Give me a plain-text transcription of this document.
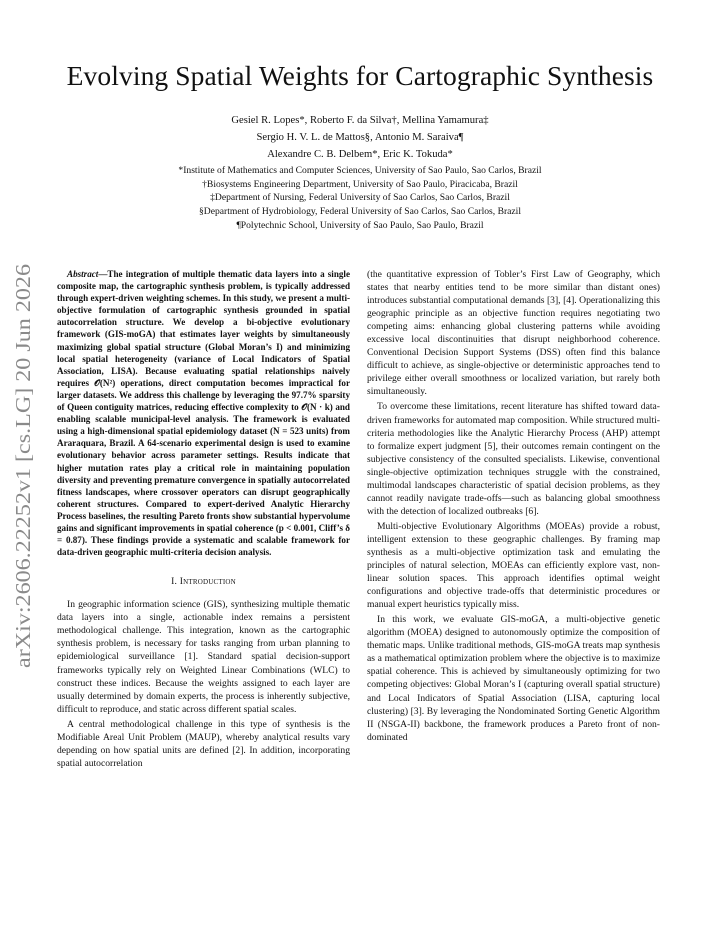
Evolving Spatial Weights for Cartographic Synthesis
Gesiel R. Lopes*, Roberto F. da Silva†, Mellina Yamamura‡
Sergio H. V. L. de Mattos§, Antonio M. Saraiva¶
Alexandre C. B. Delbem*, Eric K. Tokuda*
*Institute of Mathematics and Computer Sciences, University of Sao Paulo, Sao Carlos, Brazil
†Biosystems Engineering Department, University of Sao Paulo, Piracicaba, Brazil
‡Department of Nursing, Federal University of Sao Carlos, Sao Carlos, Brazil
§Department of Hydrobiology, Federal University of Sao Carlos, Sao Carlos, Brazil
¶Polytechnic School, University of Sao Paulo, Sao Paulo, Brazil
arXiv:2606.22252v1 [cs.LG] 20 Jun 2026

Abstract—The integration of multiple thematic data layers into a single composite map, the cartographic synthesis problem, is typically addressed through expert-driven weighting schemes. In this study, we present a multi-objective formulation of cartographic synthesis grounded in spatial autocorrelation structure. We develop a bi-objective evolutionary framework (GIS-moGA) that estimates layer weights by simultaneously maximizing global spatial structure (Global Moran’s I) and minimizing local spatial heterogeneity (variance of Local Indicators of Spatial Association, LISA). Because evaluating spatial relationships naively requires 𝒪(N²) operations, direct computation becomes impractical for larger datasets. We address this challenge by leveraging the 97.7% sparsity of Queen contiguity matrices, reducing effective complexity to 𝒪(N · k) and enabling scalable municipal-level analysis. The framework is evaluated using a high-dimensional spatial epidemiology dataset (N = 523 units) from Araraquara, Brazil. A 64-scenario experimental design is used to examine evolutionary behavior across parameter settings. Results indicate that higher mutation rates play a critical role in maintaining population diversity and preventing premature convergence in spatially autocorrelated fitness landscapes, where crossover operators can disrupt geographically coherent structures. Compared to expert-derived Analytic Hierarchy Process baselines, the resulting Pareto fronts show substantial hypervolume gains and significant improvements in spatial coherence (p < 0.001, Cliff’s δ = 0.87). These findings provide a systematic and scalable framework for data-driven geographic multi-criteria decision analysis.

I. Introduction

In geographic information science (GIS), synthesizing multiple thematic data layers into a single, actionable index remains a persistent methodological challenge. This integration, known as the cartographic synthesis problem, is necessary for tasks ranging from urban planning to epidemiological surveillance [1]. Standard spatial decision-support frameworks typically rely on Weighted Linear Combinations (WLC) to construct these indices. Because the weights assigned to each layer are usually determined by domain experts, the process is inherently subjective, difficult to reproduce, and static across different spatial scales.

A central methodological challenge in this type of synthesis is the Modifiable Areal Unit Problem (MAUP), whereby analytical results vary depending on how spatial units are defined [2]. In addition, incorporating spatial autocorrelation

(the quantitative expression of Tobler’s First Law of Geography, which states that nearby entities tend to be more similar than distant ones) introduces substantial computational demands [3], [4]. Operationalizing this geographic principle as an objective function requires negotiating two competing aims: enhancing global clustering patterns while avoiding excessive local discontinuities that disrupt neighborhood coherence. Conventional Decision Support Systems (DSS) often find this balance difficult to achieve, as single-objective or deterministic approaches tend to privilege either overall smoothness or localized variation, but rarely both simultaneously.

To overcome these limitations, recent literature has shifted toward data-driven frameworks for automated map composition. While structured multi-criteria methodologies like the Analytic Hierarchy Process (AHP) attempt to formalize expert judgment [5], their outcomes remain contingent on the subjective consistency of the consulted specialists. Likewise, conventional single-objective optimization techniques struggle with the constrained, multimodal landscapes characteristic of spatial decision problems, as they cannot readily navigate trade-offs—such as balancing global smoothness with the detection of localized outbreaks [6].

Multi-objective Evolutionary Algorithms (MOEAs) provide a robust, intelligent extension to these geographic challenges. By framing map synthesis as a multi-objective optimization task and emulating the principles of natural selection, MOEAs can efficiently explore vast, non-linear solution spaces. This approach identifies optimal weight configurations and objective trade-offs that deterministic procedures or manual expert heuristics typically miss.

In this work, we evaluate GIS-moGA, a multi-objective genetic algorithm (MOEA) designed to autonomously optimize the composition of thematic maps. Unlike traditional methods, GIS-moGA treats map synthesis as a mathematical optimization problem where the objective is to maximize spatial coherence. This is achieved by simultaneously optimizing for two competing objectives: Global Moran’s I (capturing overall spatial structure) and Local Indicators of Spatial Association (LISA, capturing local clustering) [3]. By leveraging the Nondominated Sorting Genetic Algorithm II (NSGA-II) backbone, the framework produces a Pareto front of non-dominated
